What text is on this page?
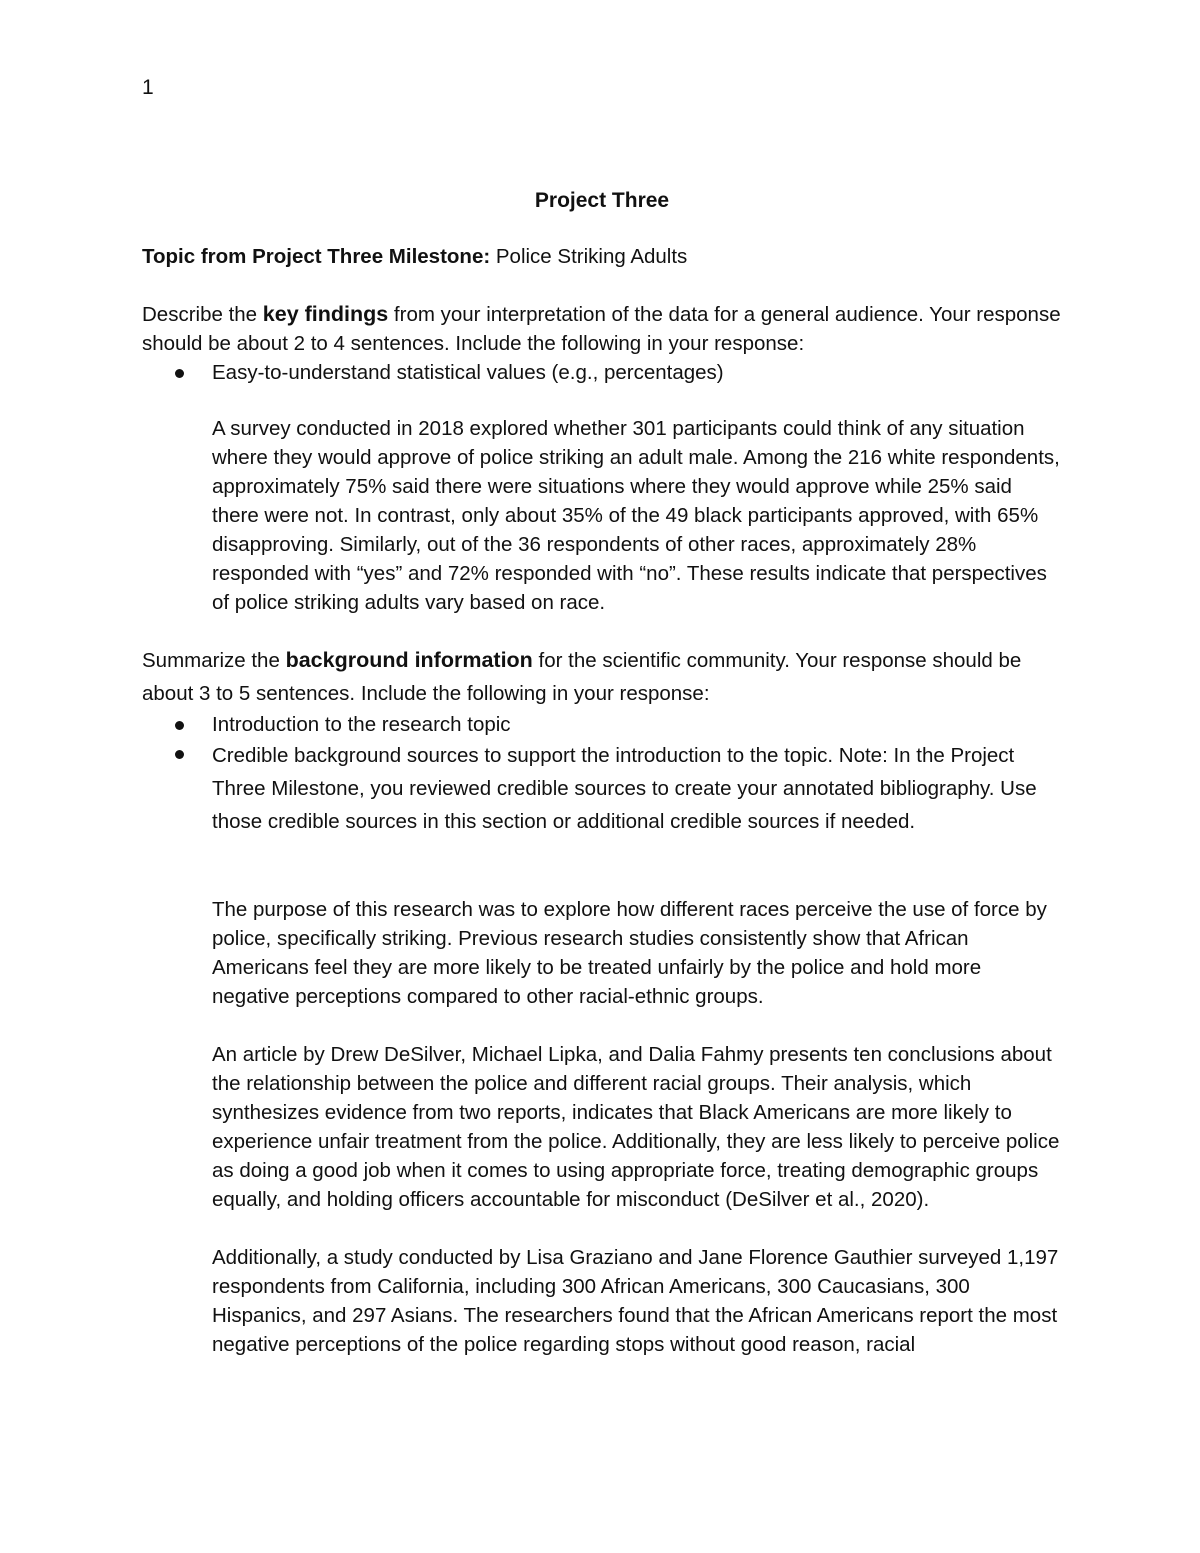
1
Project Three

Topic from Project Three Milestone: Police Striking Adults

Describe the key findings from your interpretation of the data for a general audience. Your response should be about 2 to 4 sentences. Include the following in your response:

Easy-to-understand statistical values (e.g., percentages)

A survey conducted in 2018 explored whether 301 participants could think of any situation where they would approve of police striking an adult male. Among the 216 white respondents, approximately 75% said there were situations where they would approve while 25% said there were not. In contrast, only about 35% of the 49 black participants approved, with 65% disapproving. Similarly, out of the 36 respondents of other races, approximately 28% responded with “yes” and 72% responded with “no”. These results indicate that perspectives of police striking adults vary based on race.

Summarize the background information for the scientific community. Your response should be about 3 to 5 sentences. Include the following in your response:

Introduction to the research topic
Credible background sources to support the introduction to the topic. Note: In the Project Three Milestone, you reviewed credible sources to create your annotated bibliography. Use those credible sources in this section or additional credible sources if needed.

The purpose of this research was to explore how different races perceive the use of force by police, specifically striking. Previous research studies consistently show that African Americans feel they are more likely to be treated unfairly by the police and hold more negative perceptions compared to other racial-ethnic groups.

An article by Drew DeSilver, Michael Lipka, and Dalia Fahmy presents ten conclusions about the relationship between the police and different racial groups. Their analysis, which synthesizes evidence from two reports, indicates that Black Americans are more likely to experience unfair treatment from the police. Additionally, they are less likely to perceive police as doing a good job when it comes to using appropriate force, treating demographic groups equally, and holding officers accountable for misconduct (DeSilver et al., 2020).

Additionally, a study conducted by Lisa Graziano and Jane Florence Gauthier surveyed 1,197 respondents from California, including 300 African Americans, 300 Caucasians, 300 Hispanics, and 297 Asians. The researchers found that the African Americans report the most negative perceptions of the police regarding stops without good reason, racial
